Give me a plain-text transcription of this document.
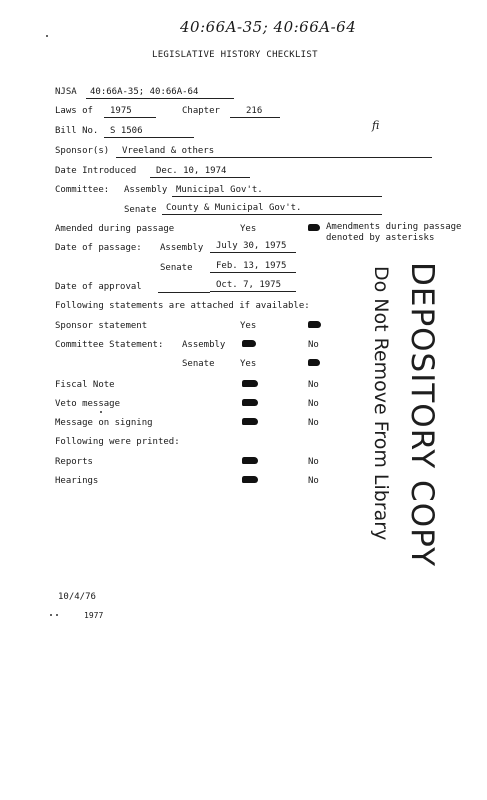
40:66A-35; 40:66A-64
LEGISLATIVE HISTORY CHECKLIST
NJSA 40:66A-35; 40:66A-64
Laws of 1975	Chapter	216
Bill No. S 1506	ﬁ
Sponsor(s) Vreeland & others
Date Introduced Dec. 10, 1974
Committee: Assembly Municipal Gov't.
Senate County & Municipal Gov't.
Amended during passage	Yes	Amendments during passage
denoted by asterisks
Date of passage: Assembly July 30, 1975
Senate	Feb. 13, 1975
Date of approval	Oct. 7, 1975
Following statements are attached if available:
Sponsor statement	Yes
Committee Statement: Assembly	No
Senate	Yes
Fiscal Note	No
Veto message	No
Message on signing	No
Following were printed:
Reports	No
Hearings	No	DEPOSITORY COPY
Do Not Remove From Library
10/4/76
1977
